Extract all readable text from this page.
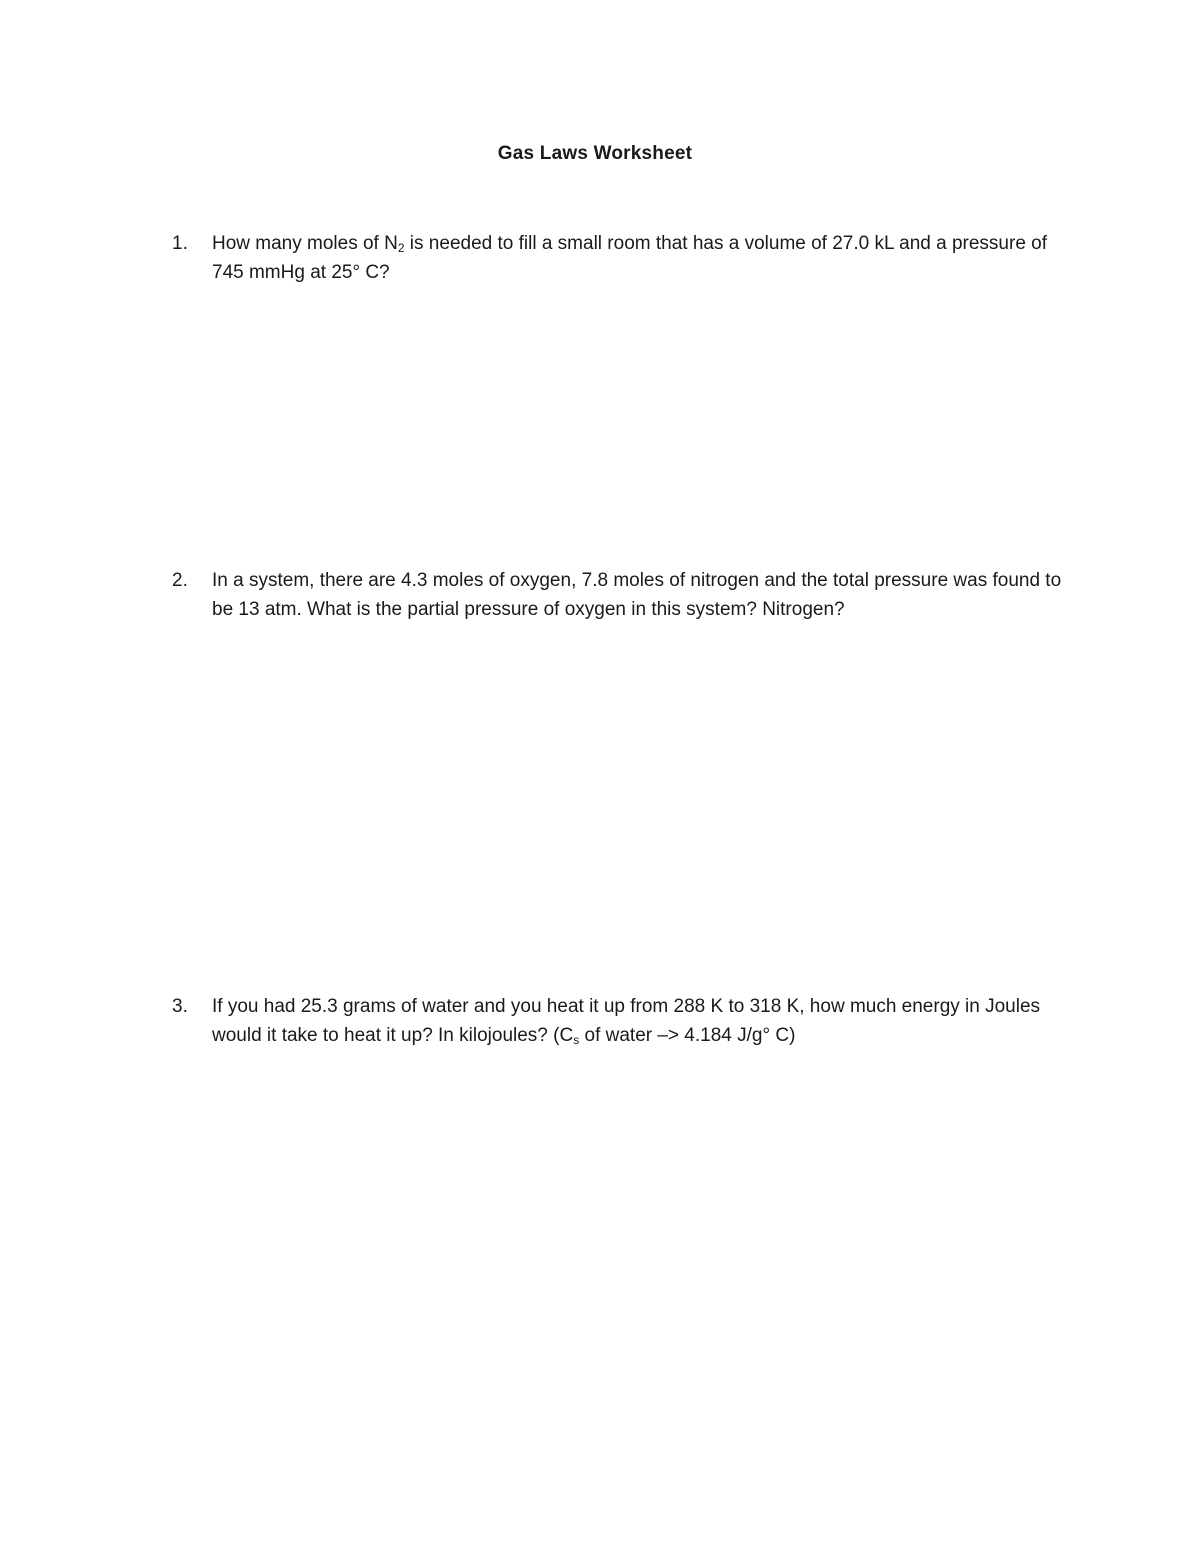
Gas Laws Worksheet
1. How many moles of $N_2$ is needed to fill a small room that has a volume of 27.0 kL and a pressure of 745 mmHg at 25° C?
2. In a system, there are 4.3 moles of oxygen, 7.8 moles of nitrogen and the total pressure was found to be 13 atm. What is the partial pressure of oxygen in this system? Nitrogen?
3. If you had 25.3 grams of water and you heat it up from 288 K to 318 K, how much energy in Joules would it take to heat it up? In kilojoules? ($C_s$ of water –> 4.184 J/g° C)
